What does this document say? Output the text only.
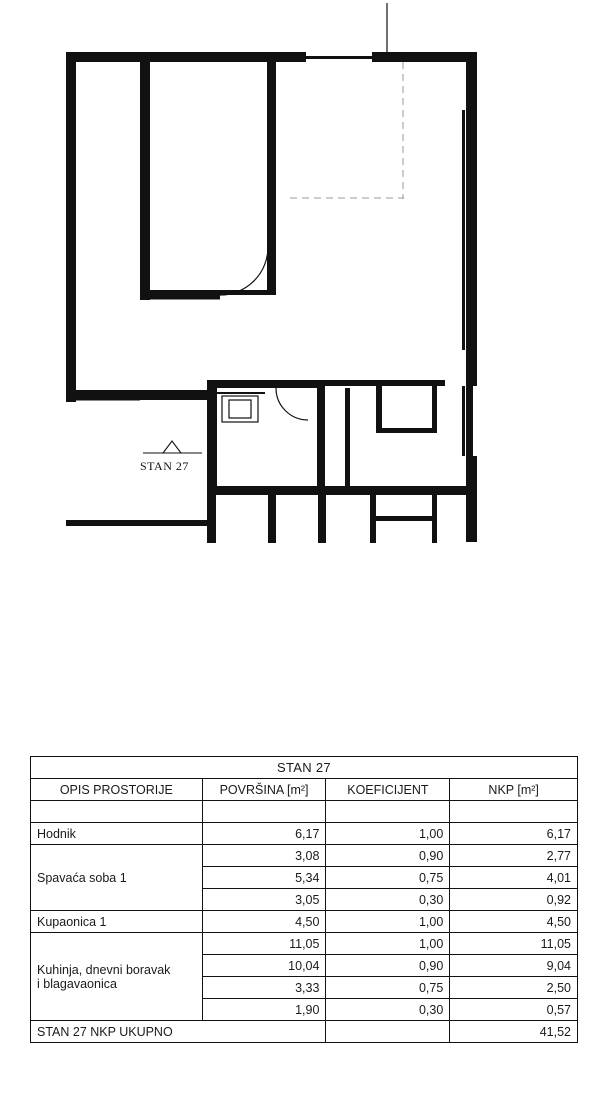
STAN 27
STAN 27			
OPIS PROSTORIJE	POVRŠINA [m²]	KOEFICIJENT	NKP [m²]

Hodnik	6,17	1,00	6,17
Spavaća soba 1	3,08	0,90	2,77
	5,34	0,75	4,01
	3,05	0,30	0,92
Kupaonica 1	4,50	1,00	4,50
Kuhinja, dnevni boravak
i blagavaonica	11,05	1,00	11,05
	10,04	0,90	9,04
	3,33	0,75	2,50
	1,90	0,30	0,57
STAN 27 NKP UKUPNO			41,52
